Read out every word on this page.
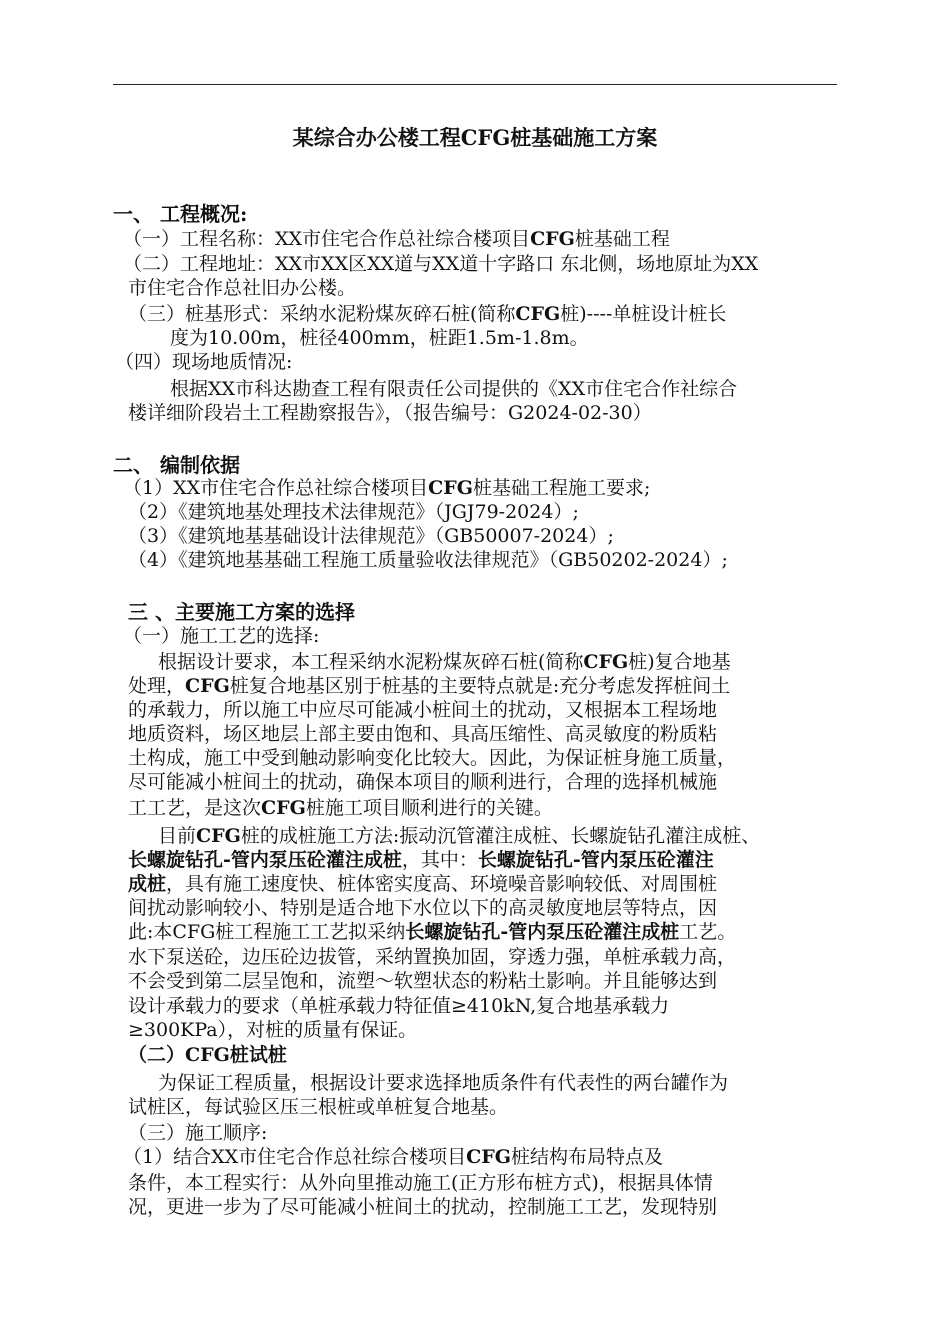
某综合办公楼工程CFG桩基础施工方案
一、 工程概况:
（一）工程名称：XX市住宅合作总社综合楼项目CFG桩基础工程
（二）工程地址：XX市XX区XX道与XX道十字路口 东北侧，场地原址为XX
市住宅合作总社旧办公楼。
（三）桩基形式：采纳水泥粉煤灰碎石桩(简称CFG桩)----单桩设计桩长
度为10.00m，桩径400mm，桩距1.5m-1.8m。
（四）现场地质情况:
根据XX市科达勘查工程有限责任公司提供的《XX市住宅合作社综合
楼详细阶段岩土工程勘察报告》，（报告编号：G2024-02-30）
二、 编制依据
（1）XX市住宅合作总社综合楼项目CFG桩基础工程施工要求;
（2）《建筑地基处理技术法律规范》（JGJ79-2024）;
（3）《建筑地基基础设计法律规范》（GB50007-2024）;
（4）《建筑地基基础工程施工质量验收法律规范》（GB50202-2024）;
三 、主要施工方案的选择
（一）施工工艺的选择:
根据设计要求，本工程采纳水泥粉煤灰碎石桩(简称CFG桩)复合地基
处理，CFG桩复合地基区别于桩基的主要特点就是:充分考虑发挥桩间土
的承载力，所以施工中应尽可能减小桩间土的扰动，又根据本工程场地
地质资料，场区地层上部主要由饱和、具高压缩性、高灵敏度的粉质粘
土构成，施工中受到触动影响变化比较大。因此，为保证桩身施工质量，
尽可能减小桩间土的扰动，确保本项目的顺利进行，合理的选择机械施
工工艺，是这次CFG桩施工项目顺利进行的关键。
目前CFG桩的成桩施工方法:振动沉管灌注成桩、长螺旋钻孔灌注成桩、
长螺旋钻孔-管内泵压砼灌注成桩，其中：长螺旋钻孔-管内泵压砼灌注
成桩，具有施工速度快、桩体密实度高、环境噪音影响较低、对周围桩
间扰动影响较小、特别是适合地下水位以下的高灵敏度地层等特点，因
此:本CFG桩工程施工工艺拟采纳长螺旋钻孔-管内泵压砼灌注成桩工艺。
水下泵送砼，边压砼边拔管，采纳置换加固，穿透力强，单桩承载力高，
不会受到第二层呈饱和，流塑～软塑状态的粉粘土影响。并且能够达到
设计承载力的要求（单桩承载力特征值≥410kN,复合地基承载力
≥300KPa），对桩的质量有保证。
（二）CFG桩试桩
为保证工程质量，根据设计要求选择地质条件有代表性的两台罐作为
试桩区，每试验区压三根桩或单桩复合地基。
（三）施工顺序:
（1）结合XX市住宅合作总社综合楼项目CFG桩结构布局特点及
条件，本工程实行：从外向里推动施工(正方形布桩方式)，根据具体情
况，更进一步为了尽可能减小桩间土的扰动，控制施工工艺，发现特别
